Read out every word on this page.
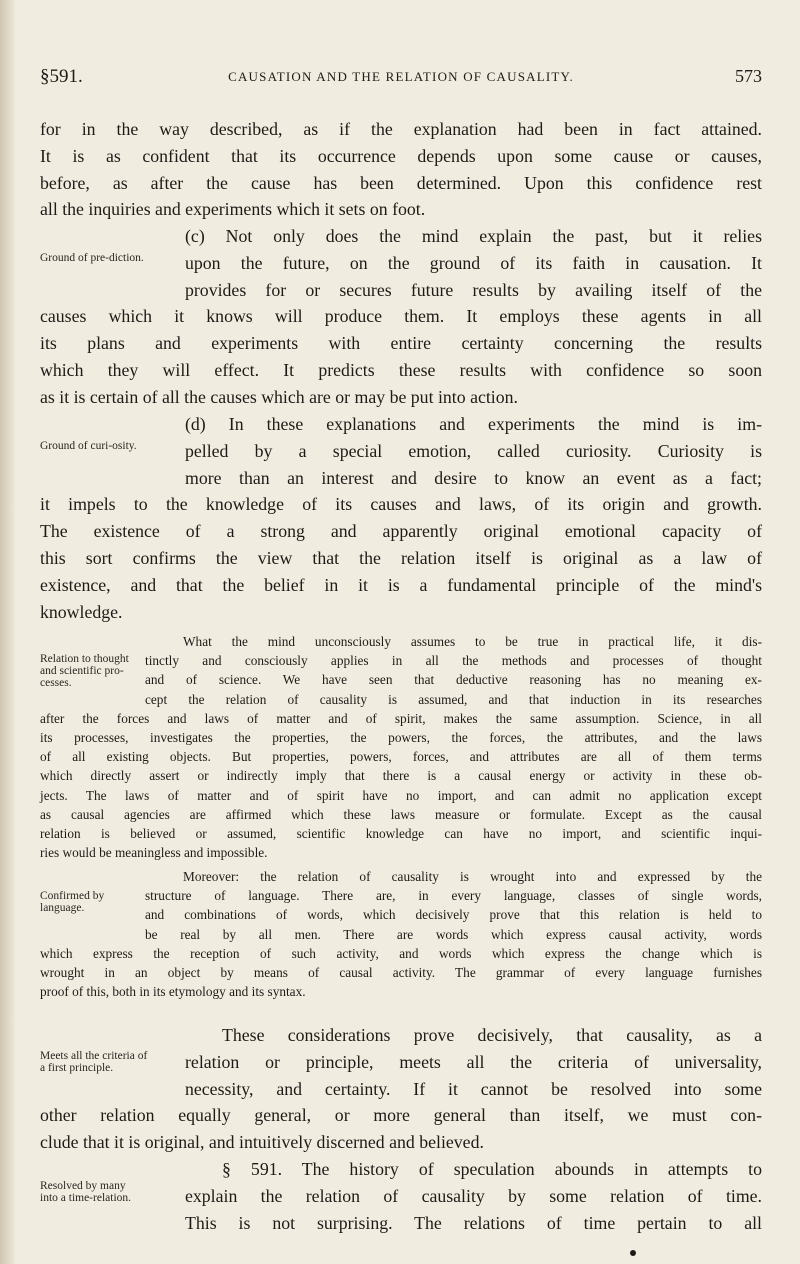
§591.	CAUSATION AND THE RELATION OF CAUSALITY.	573
for in the way described, as if the explanation had been in fact attained.
It is as confident that its occurrence depends upon some cause or causes,
before, as after the cause has been determined. Upon this confidence rest
all the inquiries and experiments which it sets on foot.
(c) Not only does the mind explain the past, but it relies
upon the future, on the ground of its faith in causation. It
provides for or secures future results by availing itself of the
causes which it knows will produce them. It employs these agents in all
its plans and experiments with entire certainty concerning the results
which they will effect. It predicts these results with confidence so soon
as it is certain of all the causes which are or may be put into action.
Ground of pre-diction.
(d) In these explanations and experiments the mind is im-
pelled by a special emotion, called curiosity. Curiosity is
more than an interest and desire to know an event as a fact;
it impels to the knowledge of its causes and laws, of its origin and growth.
The existence of a strong and apparently original emotional capacity of
this sort confirms the view that the relation itself is original as a law of
existence, and that the belief in it is a fundamental principle of the mind's
knowledge.
Ground of curi-osity.
What the mind unconsciously assumes to be true in practical life, it dis-
tinctly and consciously applies in all the methods and processes of thought
and of science. We have seen that deductive reasoning has no meaning ex-
cept the relation of causality is assumed, and that induction in its researches
after the forces and laws of matter and of spirit, makes the same assumption. Science, in all
its processes, investigates the properties, the powers, the forces, the attributes, and the laws
of all existing objects. But properties, powers, forces, and attributes are all of them terms
which directly assert or indirectly imply that there is a causal energy or activity in these ob-
jects. The laws of matter and of spirit have no import, and can admit no application except
as causal agencies are affirmed which these laws measure or formulate. Except as the causal
relation is believed or assumed, scientific knowledge can have no import, and scientific inqui-
ries would be meaningless and impossible.
Relation to thought and scientific pro-cesses.
Moreover: the relation of causality is wrought into and expressed by the
structure of language. There are, in every language, classes of single words,
and combinations of words, which decisively prove that this relation is held to
be real by all men. There are words which express causal activity, words
which express the reception of such activity, and words which express the change which is
wrought in an object by means of causal activity. The grammar of every language furnishes
proof of this, both in its etymology and its syntax.
Confirmed by language.
These considerations prove decisively, that causality, as a
relation or principle, meets all the criteria of universality,
necessity, and certainty. If it cannot be resolved into some
other relation equally general, or more general than itself, we must con-
clude that it is original, and intuitively discerned and believed.
Meets all the criteria of a first principle.
§ 591. The history of speculation abounds in attempts to
explain the relation of causality by some relation of time.
This is not surprising. The relations of time pertain to all
Resolved by many into a time-relation.
